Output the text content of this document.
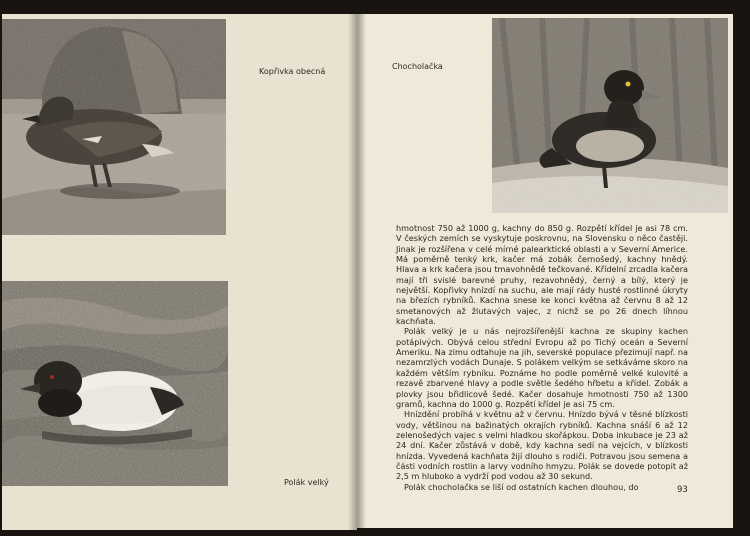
Kopřivka obecná
Polák velký
Chocholačka

hmotnost 750 až 1000 g, kachny do 850 g. Rozpětí křídel je asi 78 cm. V českých zemích se vyskytuje poskrovnu, na Slovensku o něco častěji. Jinak je rozšířena v celé mírné palearktické oblasti a v Severní Americe. Má poměrně tenký krk, kačer má zobák černošedý, kachny hnědý. Hlava a krk kačera jsou tmavohnědě tečkované. Křídelní zrcadla kačera mají tři svislé barevné pruhy, rezavohnědý, černý a bílý, který je největší. Kopřivky hnízdí na suchu, ale mají rády husté rostlinné úkryty na březích rybníků. Kachna snese ke konci května až červnu 8 až 12 smetanových až žlutavých vajec, z nichž se po 26 dnech líhnou kachňata.

Polák velký je u nás nejrozšířenější kachna ze skupiny kachen potápivých. Obývá celou střední Evropu až po Tichý oceán a Severní Ameriku. Na zimu odtahuje na jih, severské populace přezimují např. na nezamrzlých vodách Dunaje. S polákem velkým se setkáváme skoro na každém větším rybníku. Poznáme ho podle poměrně velké kulovité a rezavě zbarvené hlavy a podle světle šedého hřbetu a křídel. Zobák a plovky jsou břidlicově šedé. Kačer dosahuje hmotnosti 750 až 1300 gramů, kachna do 1000 g. Rozpětí křídel je asi 75 cm.

Hnízdění probíhá v květnu až v červnu. Hnízdo bývá v těsné blízkosti vody, většinou na bažinatých okrajích rybníků. Kachna snáší 6 až 12 zelenošedých vajec s velmi hladkou skořápkou. Doba inkubace je 23 až 24 dní. Kačer zůstává v době, kdy kachna sedí na vejcích, v blízkosti hnízda. Vyvedená kachňata žijí dlouho s rodiči. Potravou jsou semena a části vodních rostlin a larvy vodního hmyzu. Polák se dovede potopit až 2,5 m hluboko a vydrží pod vodou až 30 sekund.

Polák chocholačka se liší od ostatních kachen dlouhou, do	93
